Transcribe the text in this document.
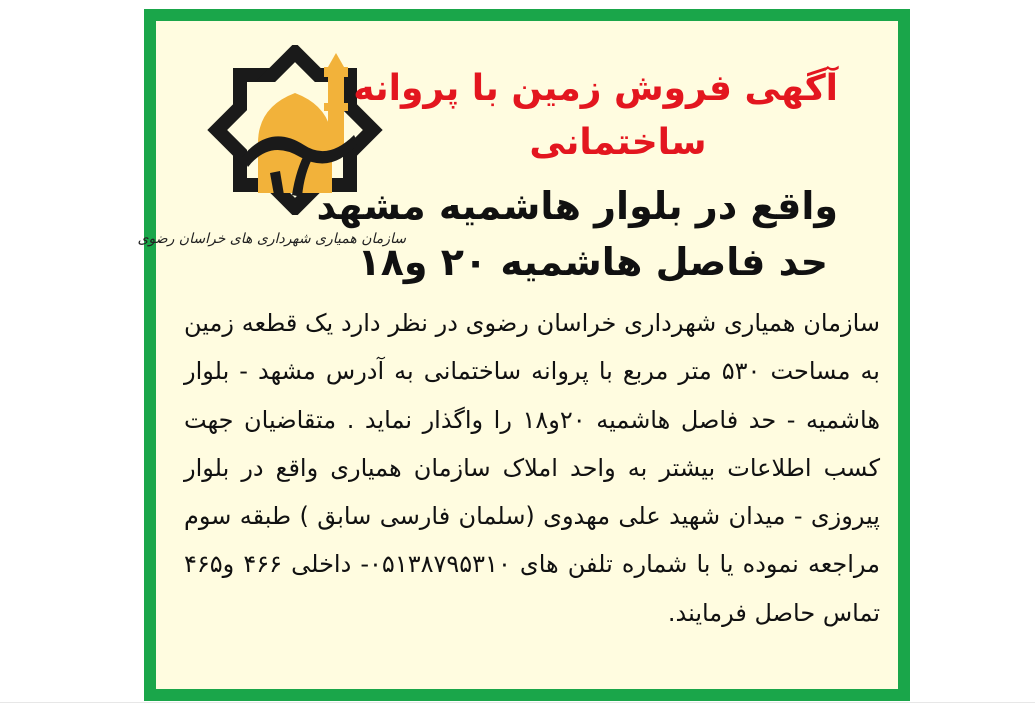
سازمان همیاری شهرداری های خراسان رضوی
آگهی فروش زمین با پروانه
ساختمانی
واقع در بلوار هاشمیه مشهد
حد فاصل هاشمیه ۲۰ و۱۸

سازمان همیاری شهرداری خراسان رضوی در نظر دارد یک قطعه زمین به مساحت ۵۳۰ متر مربع با پروانه ساختمانی به آدرس مشهد - بلوار هاشمیه - حد فاصل هاشمیه ۲۰و۱۸ را واگذار نماید . متقاضیان جهت کسب اطلاعات بیشتر به واحد املاک سازمان همیاری واقع در بلوار پیروزی - میدان شهید علی مهدوی (سلمان فارسی سابق ) طبقه سوم مراجعه نموده یا با شماره تلفن های ۰۵۱۳۸۷۹۵۳۱۰- داخلی ۴۶۶ و۴۶۵ تماس حاصل فرمایند.
